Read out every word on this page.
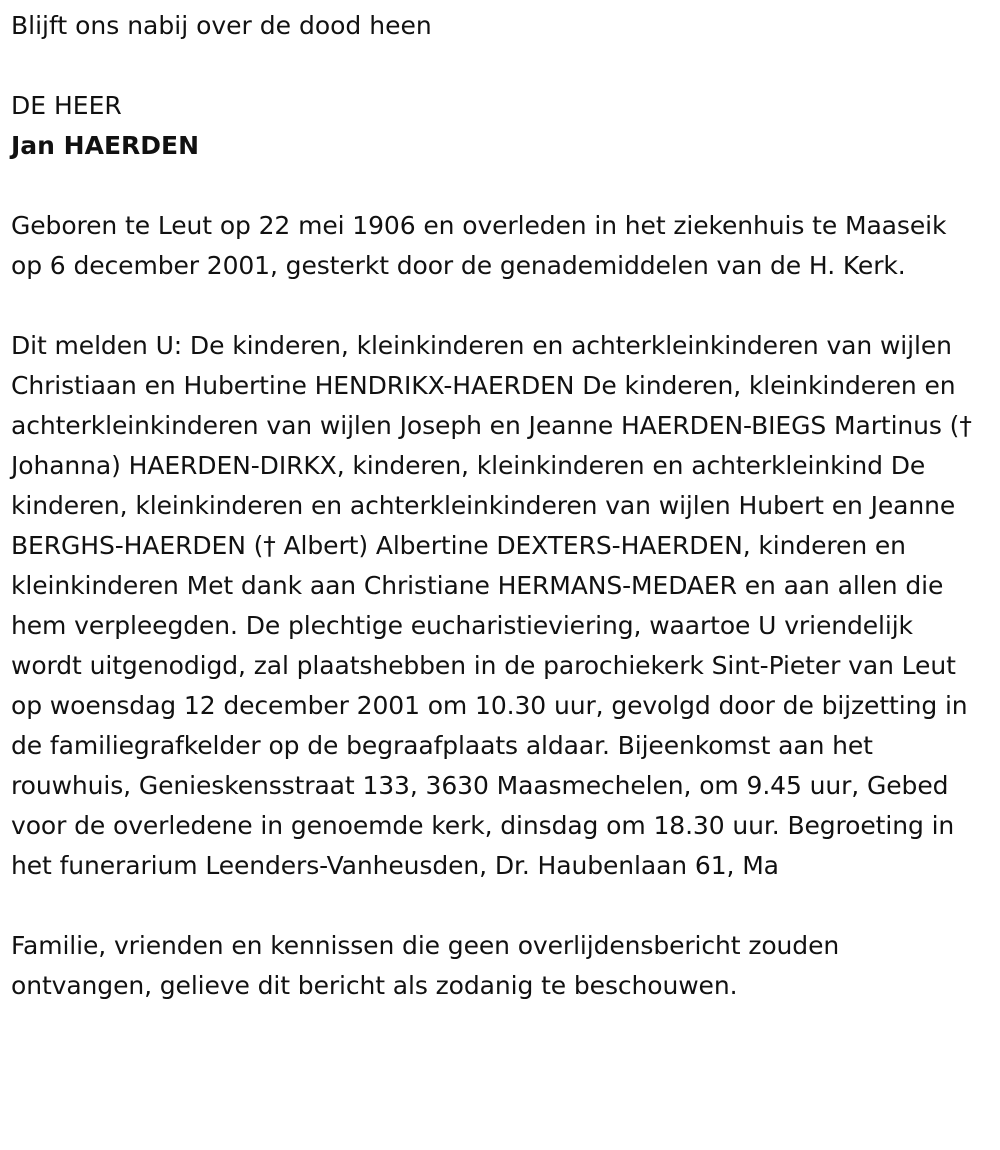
Blijft ons nabij over de dood heen

DE HEER

Jan HAERDEN

Geboren te Leut op 22 mei 1906 en overleden in het ziekenhuis te Maaseik op 6 december 2001, gesterkt door de genademiddelen van de H. Kerk.

Dit melden U: De kinderen, kleinkinderen en achterkleinkinderen van wijlen Christiaan en Hubertine HENDRIKX-HAERDEN De kinderen, kleinkinderen en achterkleinkinderen van wijlen Joseph en Jeanne HAERDEN-BIEGS Martinus († Johanna) HAERDEN-DIRKX, kinderen, kleinkinderen en achterkleinkind De kinderen, kleinkinderen en achterkleinkinderen van wijlen Hubert en Jeanne BERGHS-HAERDEN († Albert) Albertine DEXTERS-HAERDEN, kinderen en kleinkinderen Met dank aan Christiane HERMANS-MEDAER en aan allen die hem verpleegden. De plechtige eucharistieviering, waartoe U vriendelijk wordt uitgenodigd, zal plaatshebben in de parochiekerk Sint-Pieter van Leut op woensdag 12 december 2001 om 10.30 uur, gevolgd door de bijzetting in de familiegrafkelder op de begraafplaats aldaar. Bijeenkomst aan het rouwhuis, Genieskensstraat 133, 3630 Maasmechelen, om 9.45 uur, Gebed voor de overledene in genoemde kerk, dinsdag om 18.30 uur. Begroeting in het funerarium Leenders-Vanheusden, Dr. Haubenlaan 61, Ma

Familie, vrienden en kennissen die geen overlijdensbericht zouden ontvangen, gelieve dit bericht als zodanig te beschouwen.
